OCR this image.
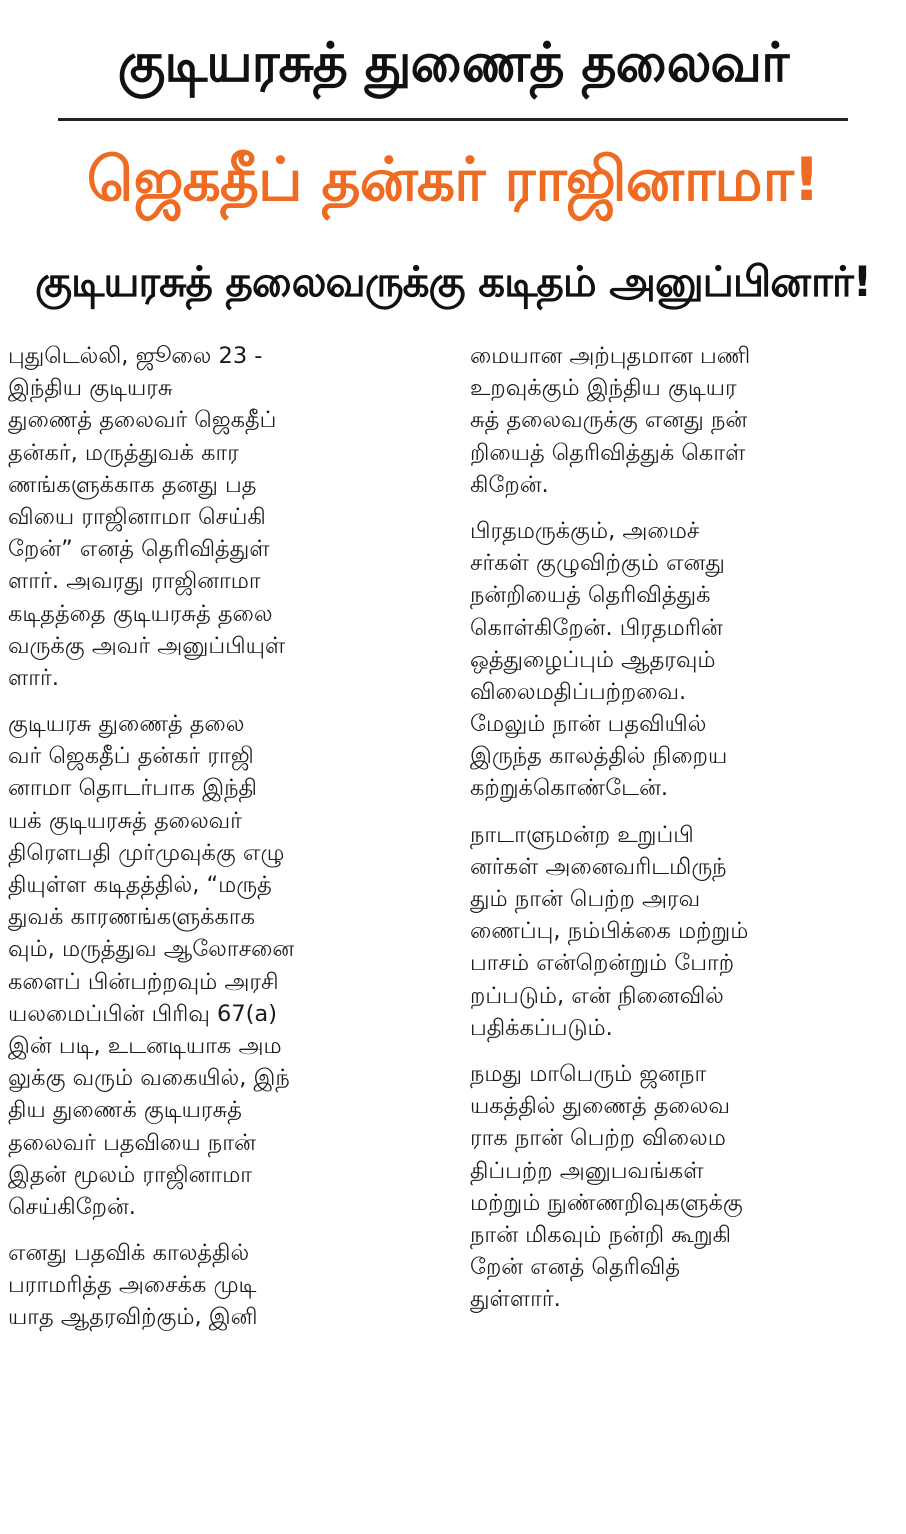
குடியரசுத் துணைத் தலைவர்
ஜெகதீப் தன்கர் ராஜினாமா!
குடியரசுத் தலைவருக்கு கடிதம் அனுப்பினார்!
புதுடெல்லி, ஜூலை 23 -
இந்திய குடியரசு
துணைத் தலைவர் ஜெகதீப்
தன்கர், மருத்துவக் கார
ணங்களுக்காக தனது பத
வியை ராஜினாமா செய்கி
றேன்” எனத் தெரிவித்துள்
ளார். அவரது ராஜினாமா
கடிதத்தை குடியரசுத் தலை
வருக்கு அவர் அனுப்பியுள்
ளார்.
குடியரசு துணைத் தலை
வர் ஜெகதீப் தன்கர் ராஜி
னாமா தொடர்பாக இந்தி
யக் குடியரசுத் தலைவர்
திரௌபதி முர்முவுக்கு எழு
தியுள்ள கடிதத்தில், “மருத்
துவக் காரணங்களுக்காக
வும், மருத்துவ ஆலோசனை
களைப் பின்பற்றவும் அரசி
யலமைப்பின் பிரிவு 67(a)
இன் படி, உடனடியாக அம
லுக்கு வரும் வகையில், இந்
திய துணைக் குடியரசுத்
தலைவர் பதவியை நான்
இதன் மூலம் ராஜினாமா
செய்கிறேன்.
எனது பதவிக் காலத்தில்
பராமரித்த அசைக்க முடி
யாத ஆதரவிற்கும், இனி
மையான அற்புதமான பணி
உறவுக்கும் இந்திய குடியர
சுத் தலைவருக்கு எனது நன்
றியைத் தெரிவித்துக் கொள்
கிறேன்.
பிரதமருக்கும், அமைச்
சர்கள் குழுவிற்கும் எனது
நன்றியைத் தெரிவித்துக்
கொள்கிறேன். பிரதமரின்
ஒத்துழைப்பும் ஆதரவும்
விலைமதிப்பற்றவை.
மேலும் நான் பதவியில்
இருந்த காலத்தில் நிறைய
கற்றுக்கொண்டேன்.
நாடாளுமன்ற உறுப்பி
னர்கள் அனைவரிடமிருந்
தும் நான் பெற்ற அரவ
ணைப்பு, நம்பிக்கை மற்றும்
பாசம் என்றென்றும் போற்
றப்படும், என் நினைவில்
பதிக்கப்படும்.
நமது மாபெரும் ஜனநா
யகத்தில் துணைத் தலைவ
ராக நான் பெற்ற விலைம
திப்பற்ற அனுபவங்கள்
மற்றும் நுண்ணறிவுகளுக்கு
நான் மிகவும் நன்றி கூறுகி
றேன் எனத் தெரிவித்
துள்ளார்.
